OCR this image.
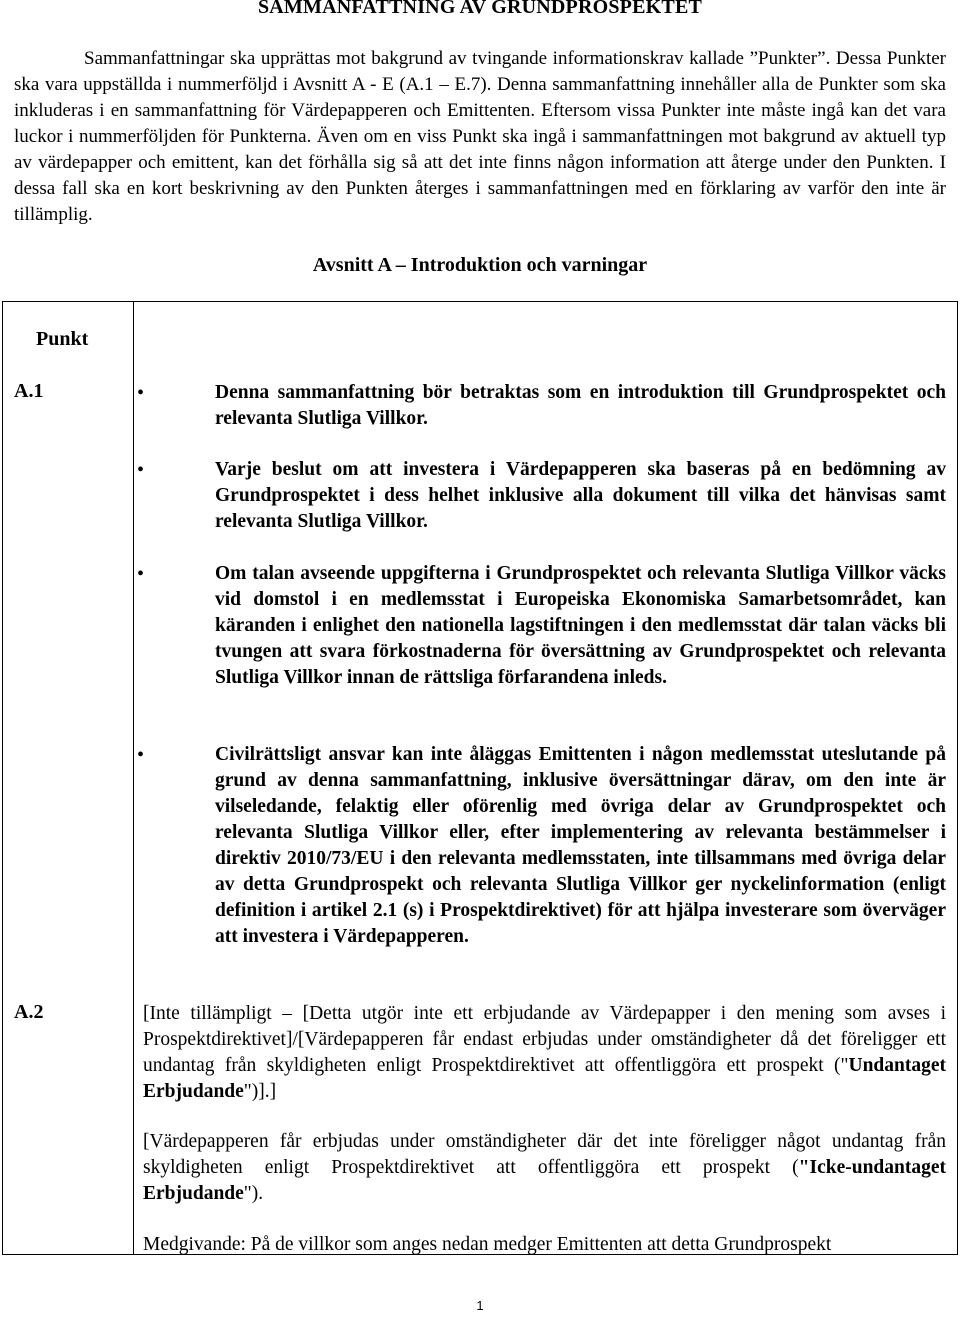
SAMMANFATTNING AV GRUNDPROSPEKTET

Sammanfattningar ska upprättas mot bakgrund av tvingande informationskrav kallade ”Punkter”. Dessa Punkter ska vara uppställda i nummerföljd i Avsnitt A - E (A.1 – E.7). Denna sammanfattning innehåller alla de Punkter som ska inkluderas i en sammanfattning för Värdepapperen och Emittenten. Eftersom vissa Punkter inte måste ingå kan det vara luckor i nummerföljden för Punkterna. Även om en viss Punkt ska ingå i sammanfattningen mot bakgrund av aktuell typ av värdepapper och emittent, kan det förhålla sig så att det inte finns någon information att återge under den Punkten. I dessa fall ska en kort beskrivning av den Punkten återges i sammanfattningen med en förklaring av varför den inte är tillämplig.

Avsnitt A – Introduktion och varningar
Punkt
A.1	•	Denna sammanfattning bör betraktas som en introduktion till Grundprospektet och relevanta Slutliga Villkor.

•	Varje beslut om att investera i Värdepapperen ska baseras på en bedömning av Grundprospektet i dess helhet inklusive alla dokument till vilka det hänvisas samt relevanta Slutliga Villkor.

•	Om talan avseende uppgifterna i Grundprospektet och relevanta Slutliga Villkor väcks vid domstol i en medlemsstat i Europeiska Ekonomiska Samarbetsområdet, kan käranden i enlighet den nationella lagstiftningen i den medlemsstat där talan väcks bli tvungen att svara förkostnaderna för översättning av Grundprospektet och relevanta Slutliga Villkor innan de rättsliga förfarandena inleds.

•	Civilrättsligt ansvar kan inte åläggas Emittenten i någon medlemsstat uteslutande på grund av denna sammanfattning, inklusive översättningar därav, om den inte är vilseledande, felaktig eller oförenlig med övriga delar av Grundprospektet och relevanta Slutliga Villkor eller, efter implementering av relevanta bestämmelser i direktiv 2010/73/EU i den relevanta medlemsstaten, inte tillsammans med övriga delar av detta Grundprospekt och relevanta Slutliga Villkor ger nyckelinformation (enligt definition i artikel 2.1 (s) i Prospektdirektivet) för att hjälpa investerare som överväger att investera i Värdepapperen.

A.2	[Inte tillämpligt – [Detta utgör inte ett erbjudande av Värdepapper i den mening som avses i Prospektdirektivet]/[Värdepapperen får endast erbjudas under omständigheter då det föreligger ett undantag från skyldigheten enligt Prospektdirektivet att offentliggöra ett prospekt ("Undantaget Erbjudande")].]

[Värdepapperen får erbjudas under omständigheter där det inte föreligger något undantag från skyldigheten enligt Prospektdirektivet att offentliggöra ett prospekt ("Icke-undantaget Erbjudande").

Medgivande: På de villkor som anges nedan medger Emittenten att detta Grundprospekt

1
